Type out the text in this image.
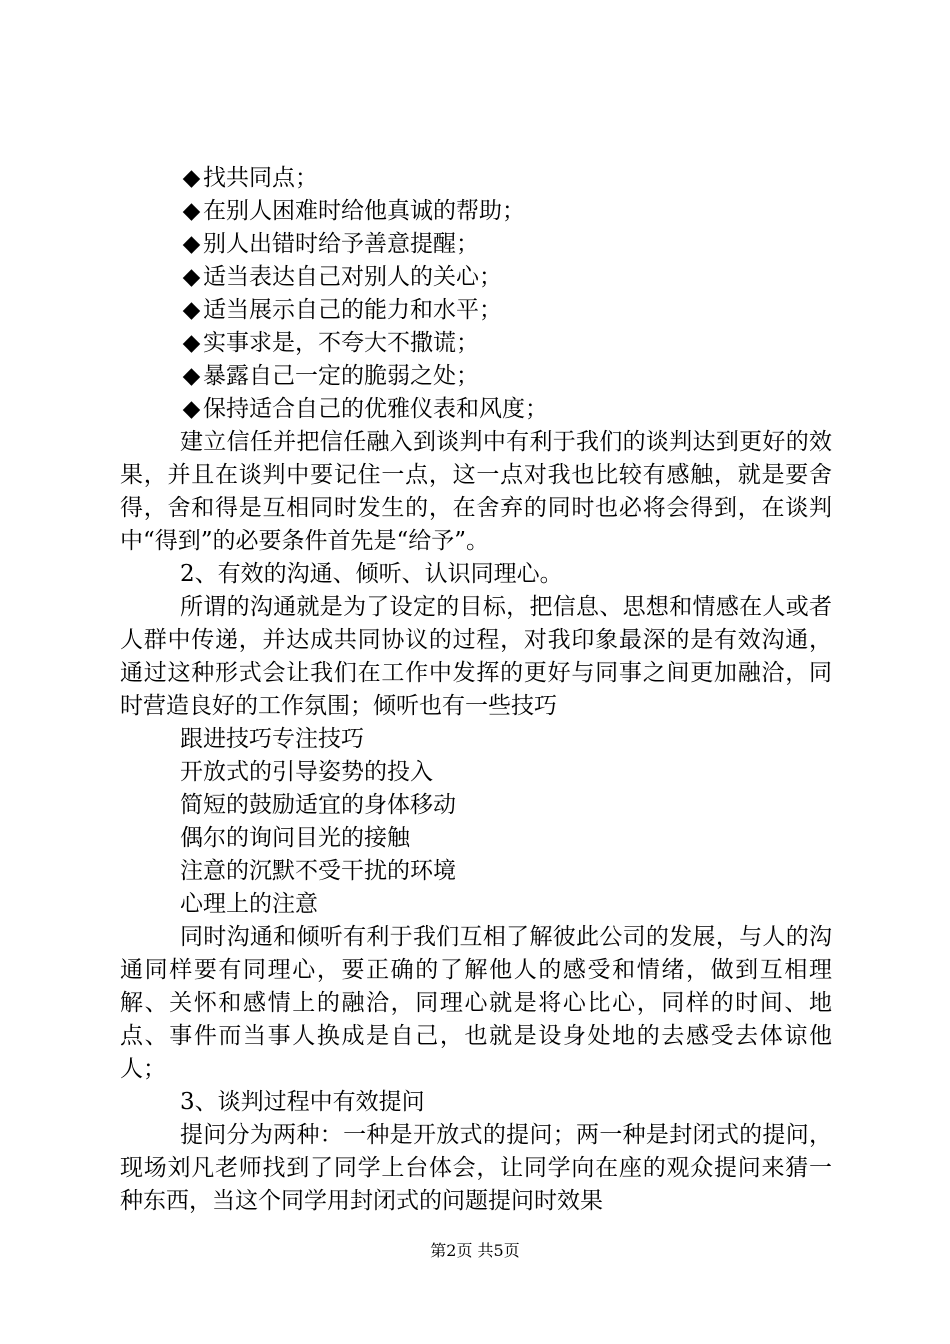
◆ 找共同点；
◆ 在别人困难时给他真诚的帮助；
◆ 别人出错时给予善意提醒；
◆ 适当表达自己对别人的关心；
◆ 适当展示自己的能力和水平；
◆ 实事求是，不夸大不撒谎；
◆ 暴露自己一定的脆弱之处；
◆ 保持适合自己的优雅仪表和风度；

建立信任并把信任融入到谈判中有利于我们的谈判达到更好的效果，并且在谈判中要记住一点，这一点对我也比较有感触，就是要舍得，舍和得是互相同时发生的，在舍弃的同时也必将会得到，在谈判中“得到”的必要条件首先是“给予”。

2、有效的沟通、倾听、认识同理心。

所谓的沟通就是为了设定的目标，把信息、思想和情感在人或者人群中传递，并达成共同协议的过程，对我印象最深的是有效沟通，通过这种形式会让我们在工作中发挥的更好与同事之间更加融洽，同时营造良好的工作氛围；倾听也有一些技巧

跟进技巧专注技巧
开放式的引导姿势的投入
简短的鼓励适宜的身体移动
偶尔的询问目光的接触
注意的沉默不受干扰的环境
心理上的注意

同时沟通和倾听有利于我们互相了解彼此公司的发展，与人的沟通同样要有同理心，要正确的了解他人的感受和情绪，做到互相理解、关怀和感情上的融洽，同理心就是将心比心，同样的时间、地点、事件而当事人换成是自己，也就是设身处地的去感受去体谅他人；

3、谈判过程中有效提问

提问分为两种：一种是开放式的提问；两一种是封闭式的提问，现场刘凡老师找到了同学上台体会，让同学向在座的观众提问来猜一种东西，当这个同学用封闭式的问题提问时效果

第2页 共5页
